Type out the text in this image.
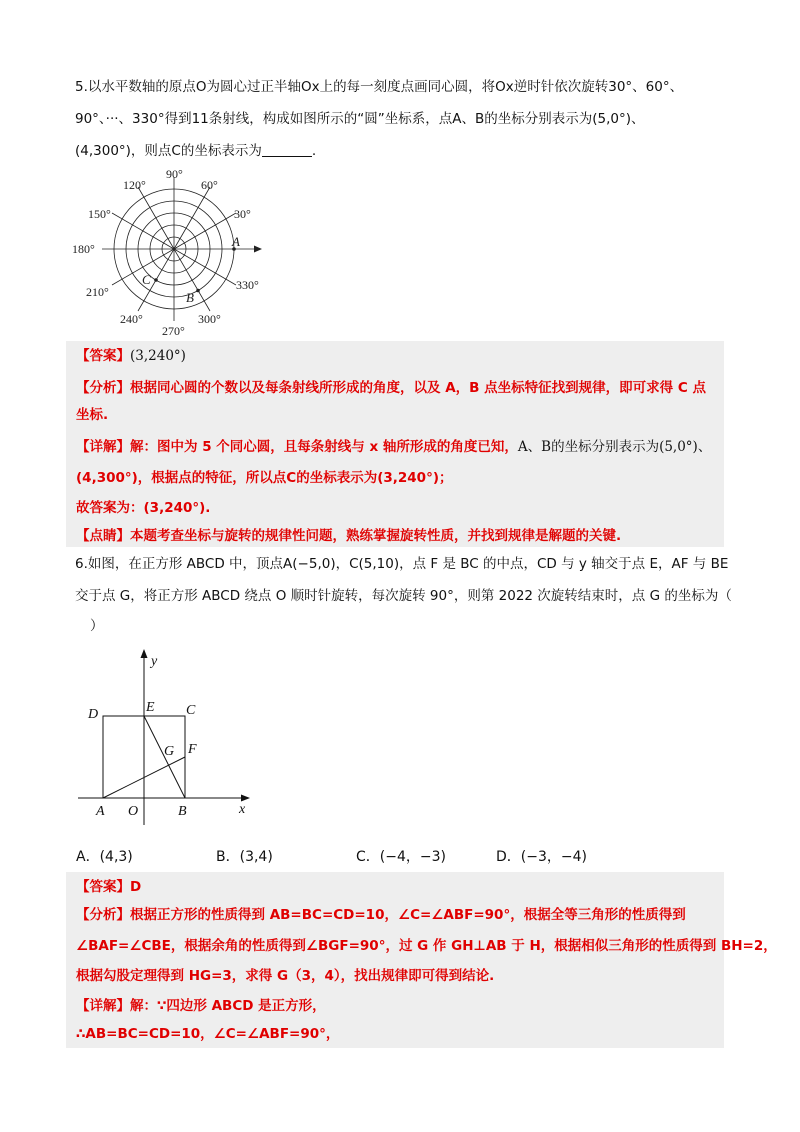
5.以水平数轴的原点O为圆心过正半轴Ox上的每一刻度点画同心圆，将Ox逆时针依次旋转30°、60°、
90°、···、330°得到11条射线，构成如图所示的“圆”坐标系，点A、B的坐标分别表示为(5,0°)、
(4,300°)，则点C的坐标表示为	.
90°
120°	60°
150°	30°
180°
210°	330°
240°
270°
300°
A
B
C
【答案】(3,240°)
【分析】根据同心圆的个数以及每条射线所形成的角度，以及 A，B 点坐标特征找到规律，即可求得 C 点
坐标.
【详解】解：图中为 5 个同心圆，且每条射线与 x 轴所形成的角度已知，A、B的坐标分别表示为(5,0°)、
(4,300°)，根据点的特征，所以点C的坐标表示为(3,240°)；
故答案为：(3,240°).
【点睛】本题考查坐标与旋转的规律性问题，熟练掌握旋转性质，并找到规律是解题的关键.
6.如图，在正方形 ABCD 中，顶点A(−5,0)，C(5,10)，点 F 是 BC 的中点，CD 与 y 轴交于点 E，AF 与 BE
交于点 G，将正方形 ABCD 绕点 O 顺时针旋转，每次旋转 90°，则第 2022 次旋转结束时，点 G 的坐标为（
）
y
D	E C
G F
A O	B	x
A．(4,3)	B．(3,4)	C．(−4，−3)	D．(−3，−4)
【答案】D
【分析】根据正方形的性质得到 AB=BC=CD=10，∠C=∠ABF=90°，根据全等三角形的性质得到
∠BAF=∠CBE，根据余角的性质得到∠BGF=90°，过 G 作 GH⊥AB 于 H，根据相似三角形的性质得到 BH=2，
根据勾股定理得到 HG=3，求得 G（3，4），找出规律即可得到结论.
【详解】解：∵四边形 ABCD 是正方形，
∴AB=BC=CD=10，∠C=∠ABF=90°，
